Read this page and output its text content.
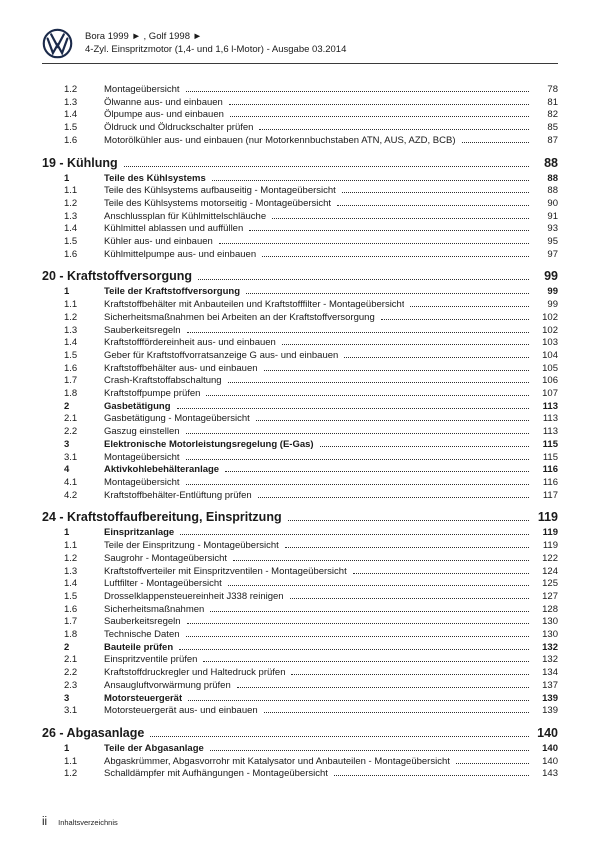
Bora 1999 ► , Golf 1998 ►
4-Zyl. Einspritzmotor (1,4- und 1,6 l-Motor) - Ausgabe 03.2014
1.2	Montageübersicht	78
1.3	Ölwanne aus- und einbauen	81
1.4	Ölpumpe aus- und einbauen	82
1.5	Öldruck und Öldruckschalter prüfen	85
1.6	Motorölkühler aus- und einbauen (nur Motorkennbuchstaben ATN, AUS, AZD, BCB)	87
19 - Kühlung	88
1	Teile des Kühlsystems	88
1.1	Teile des Kühlsystems aufbauseitig - Montageübersicht	88
1.2	Teile des Kühlsystems motorseitig - Montageübersicht	90
1.3	Anschlussplan für Kühlmittelschläuche	91
1.4	Kühlmittel ablassen und auffüllen	93
1.5	Kühler aus- und einbauen	95
1.6	Kühlmittelpumpe aus- und einbauen	97
20 - Kraftstoffversorgung	99
1	Teile der Kraftstoffversorgung	99
1.1	Kraftstoffbehälter mit Anbauteilen und Kraftstofffilter - Montageübersicht	99
1.2	Sicherheitsmaßnahmen bei Arbeiten an der Kraftstoffversorgung	102
1.3	Sauberkeitsregeln	102
1.4	Kraftstofffördereinheit aus- und einbauen	103
1.5	Geber für Kraftstoffvorratsanzeige G aus- und einbauen	104
1.6	Kraftstoffbehälter aus- und einbauen	105
1.7	Crash-Kraftstoffabschaltung	106
1.8	Kraftstoffpumpe prüfen	107
2	Gasbetätigung	113
2.1	Gasbetätigung - Montageübersicht	113
2.2	Gaszug einstellen	113
3	Elektronische Motorleistungsregelung (E-Gas)	115
3.1	Montageübersicht	115
4	Aktivkohlebehälteranlage	116
4.1	Montageübersicht	116
4.2	Kraftstoffbehälter-Entlüftung prüfen	117
24 - Kraftstoffaufbereitung, Einspritzung	119
1	Einspritzanlage	119
1.1	Teile der Einspritzung - Montageübersicht	119
1.2	Saugrohr - Montageübersicht	122
1.3	Kraftstoffverteiler mit Einspritzventilen - Montageübersicht	124
1.4	Luftfilter - Montageübersicht	125
1.5	Drosselklappensteuereinheit J338 reinigen	127
1.6	Sicherheitsmaßnahmen	128
1.7	Sauberkeitsregeln	130
1.8	Technische Daten	130
2	Bauteile prüfen	132
2.1	Einspritzventile prüfen	132
2.2	Kraftstoffdruckregler und Haltedruck prüfen	134
2.3	Ansaugluftvorwärmung prüfen	137
3	Motorsteuergerät	139
3.1	Motorsteuergerät aus- und einbauen	139
26 - Abgasanlage	140
1	Teile der Abgasanlage	140
1.1	Abgaskrümmer, Abgasvorrohr mit Katalysator und Anbauteilen - Montageübersicht	140
1.2	Schalldämpfer mit Aufhängungen - Montageübersicht	143
ii Inhaltsverzeichnis
